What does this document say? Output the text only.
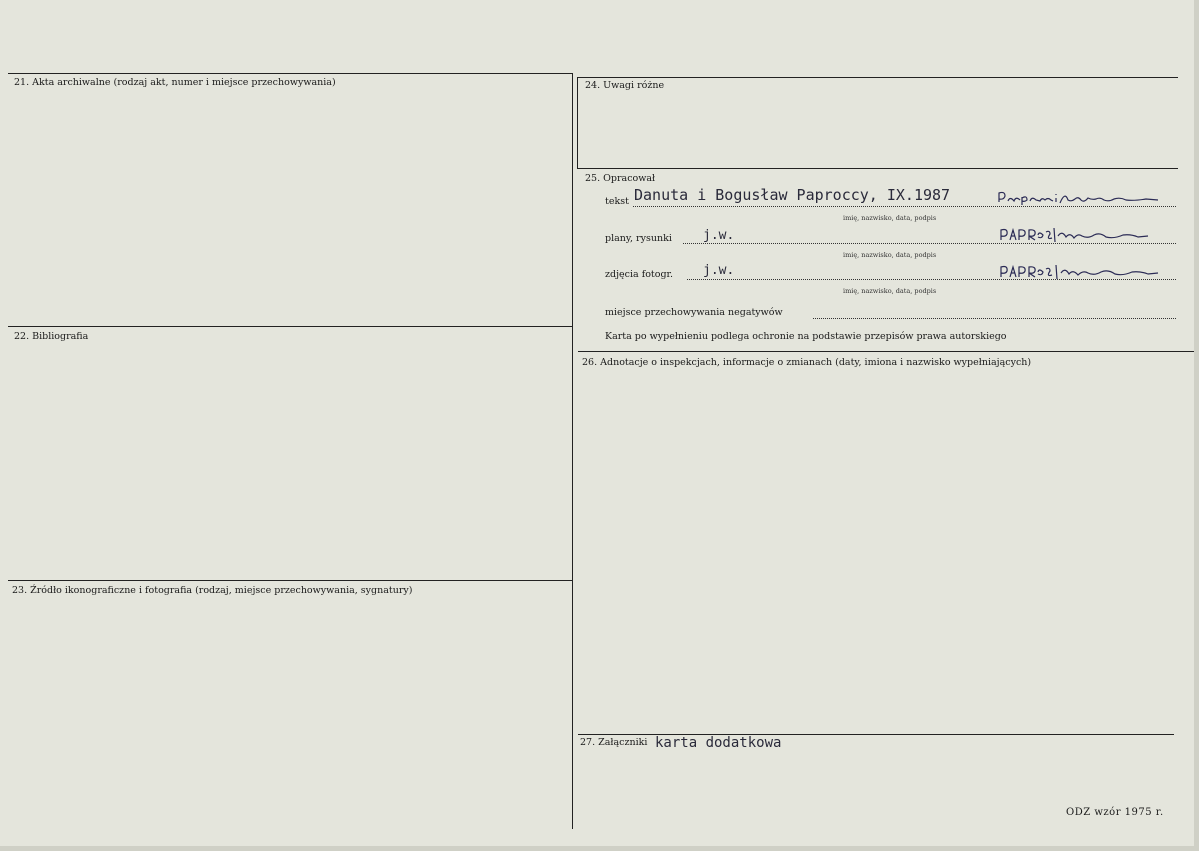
21. Akta archiwalne (rodzaj akt, numer i miejsce przechowywania)
22. Bibliografia
23. Źródło ikonograficzne i fotografia (rodzaj, miejsce przechowywania, sygnatury)
24. Uwagi różne
25. Opracował
tekst Danuta i Bogusław Paproccy, IX.1987
imię, nazwisko, data, podpis
plany, rysunki j.w.
imię, nazwisko, data, podpis
zdjęcia fotogr. j.w.
imię, nazwisko, data, podpis
miejsce przechowywania negatywów
Karta po wypełnieniu podlega ochronie na podstawie przepisów prawa autorskiego
26. Adnotacje o inspekcjach, informacje o zmianach (daty, imiona i nazwisko wypełniających)
27. Załączniki karta dodatkowa
ODZ wzór 1975 r.
